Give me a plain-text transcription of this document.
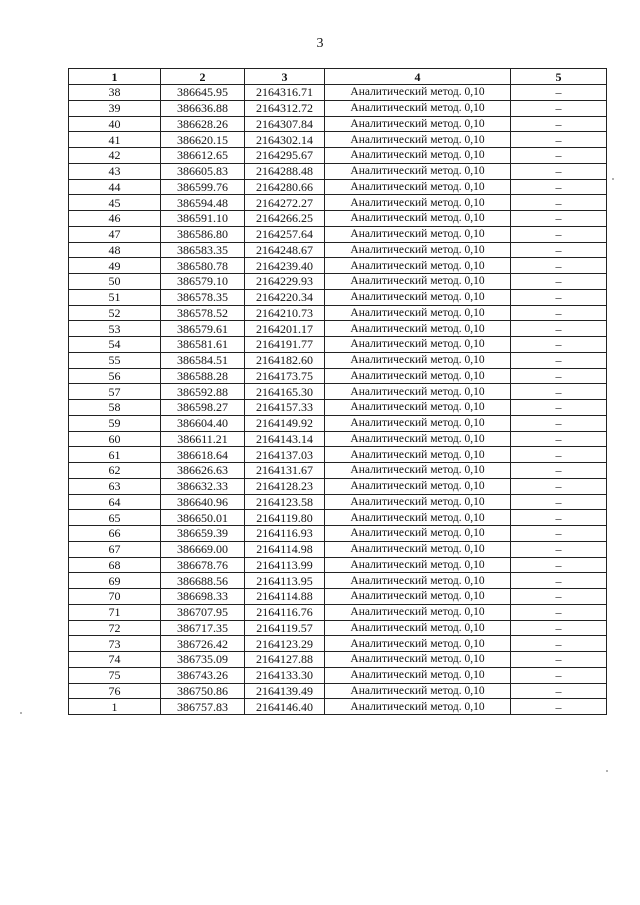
3
1	2	3	4	5
38	386645.95	2164316.71	Аналитический метод. 0,10	–
39	386636.88	2164312.72	Аналитический метод. 0,10	–
40	386628.26	2164307.84	Аналитический метод. 0,10	–
41	386620.15	2164302.14	Аналитический метод. 0,10	–
42	386612.65	2164295.67	Аналитический метод. 0,10	–
43	386605.83	2164288.48	Аналитический метод. 0,10	–
44	386599.76	2164280.66	Аналитический метод. 0,10	–
45	386594.48	2164272.27	Аналитический метод. 0,10	–
46	386591.10	2164266.25	Аналитический метод. 0,10	–
47	386586.80	2164257.64	Аналитический метод. 0,10	–
48	386583.35	2164248.67	Аналитический метод. 0,10	–
49	386580.78	2164239.40	Аналитический метод. 0,10	–
50	386579.10	2164229.93	Аналитический метод. 0,10	–
51	386578.35	2164220.34	Аналитический метод. 0,10	–
52	386578.52	2164210.73	Аналитический метод. 0,10	–
53	386579.61	2164201.17	Аналитический метод. 0,10	–
54	386581.61	2164191.77	Аналитический метод. 0,10	–
55	386584.51	2164182.60	Аналитический метод. 0,10	–
56	386588.28	2164173.75	Аналитический метод. 0,10	–
57	386592.88	2164165.30	Аналитический метод. 0,10	–
58	386598.27	2164157.33	Аналитический метод. 0,10	–
59	386604.40	2164149.92	Аналитический метод. 0,10	–
60	386611.21	2164143.14	Аналитический метод. 0,10	–
61	386618.64	2164137.03	Аналитический метод. 0,10	–
62	386626.63	2164131.67	Аналитический метод. 0,10	–
63	386632.33	2164128.23	Аналитический метод. 0,10	–
64	386640.96	2164123.58	Аналитический метод. 0,10	–
65	386650.01	2164119.80	Аналитический метод. 0,10	–
66	386659.39	2164116.93	Аналитический метод. 0,10	–
67	386669.00	2164114.98	Аналитический метод. 0,10	–
68	386678.76	2164113.99	Аналитический метод. 0,10	–
69	386688.56	2164113.95	Аналитический метод. 0,10	–
70	386698.33	2164114.88	Аналитический метод. 0,10	–
71	386707.95	2164116.76	Аналитический метод. 0,10	–
72	386717.35	2164119.57	Аналитический метод. 0,10	–
73	386726.42	2164123.29	Аналитический метод. 0,10	–
74	386735.09	2164127.88	Аналитический метод. 0,10	–
75	386743.26	2164133.30	Аналитический метод. 0,10	–
76	386750.86	2164139.49	Аналитический метод. 0,10	–
1	386757.83	2164146.40	Аналитический метод. 0,10	–
